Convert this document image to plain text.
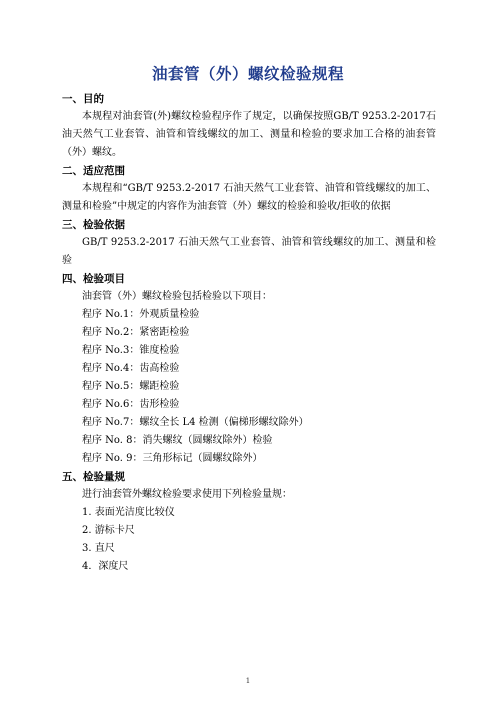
油套管（外）螺纹检验规程

一、目的

本规程对油套管(外)螺纹检验程序作了规定，以确保按照GB/T 9253.2-2017石油天然气工业套管、油管和管线螺纹的加工、测量和检验的要求加工合格的油套管（外）螺纹。

二、适应范围

本规程和“GB/T 9253.2-2017 石油天然气工业套管、油管和管线螺纹的加工、测量和检验”中规定的内容作为油套管（外）螺纹的检验和验收/拒收的依据

三、检验依据

GB/T 9253.2-2017 石油天然气工业套管、油管和管线螺纹的加工、测量和检验

四、检验项目

油套管（外）螺纹检验包括检验以下项目：

程序 No.1：外观质量检验

程序 No.2：紧密距检验

程序 No.3：锥度检验

程序 No.4：齿高检验

程序 No.5：螺距检验

程序 No.6：齿形检验

程序 No.7：螺纹全长 L4 检测（偏梯形螺纹除外）

程序 No. 8：消失螺纹（圆螺纹除外）检验

程序 No. 9：三角形标记（圆螺纹除外）

五、检验量规

进行油套管外螺纹检验要求使用下列检验量规：

1. 表面光洁度比较仪

2. 游标卡尺

3. 直尺

4．深度尺

1
